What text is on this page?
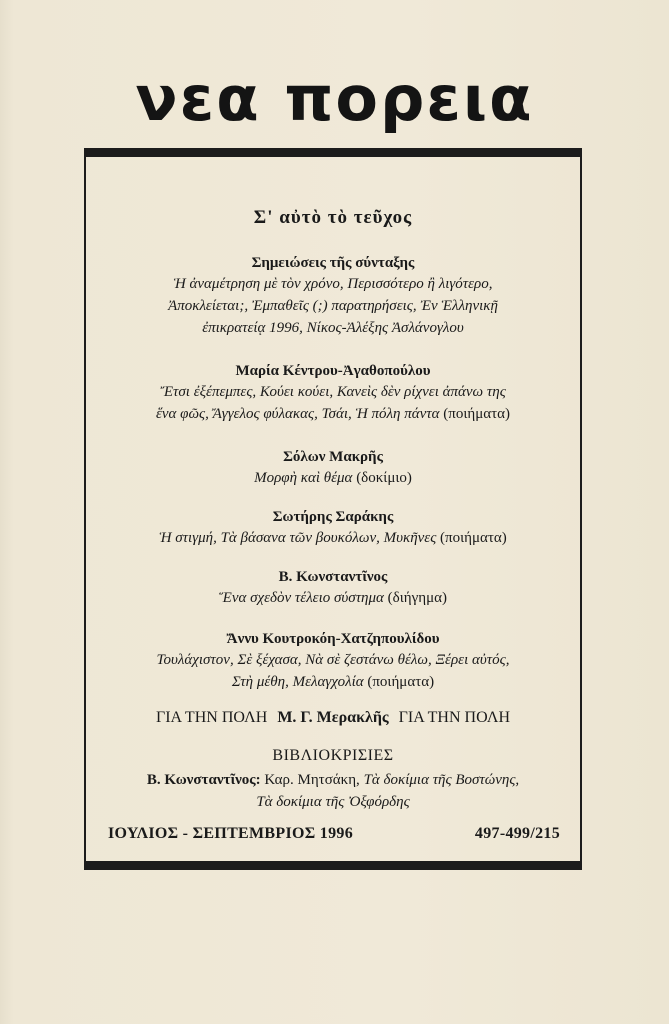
νεα πορεια
Σ' αὐτὸ τὸ τεῦχος
Σημειώσεις τῆς σύνταξης
Ἡ ἀναμέτρηση μὲ τὸν χρόνο, Περισσότερο ἢ λιγότερο,
Ἀποκλείεται;, Ἐμπαθεῖς (;) παρατηρήσεις, Ἐν Ἑλληνικῇ
ἐπικρατείᾳ 1996, Νίκος-Ἀλέξης Ἀσλάνογλου
Μαρία Κέντρου-Ἀγαθοπούλου
Ἔτσι ἐξέπεμπες, Κούει κούει, Κανεὶς δὲν ρίχνει ἀπάνω της
ἕνα φῶς, Ἄγγελος φύλακας, Τσάι, Ἡ πόλη πάντα (ποιήματα)
Σόλων Μακρῆς
Μορφὴ καὶ θέμα (δοκίμιο)
Σωτήρης Σαράκης
Ἡ στιγμή, Τὰ βάσανα τῶν βουκόλων, Μυκῆνες (ποιήματα)
Β. Κωνσταντῖνος
Ἕνα σχεδὸν τέλειο σύστημα (διήγημα)
Ἄννυ Κουτροκόη-Χατζηπουλίδου
Τουλάχιστον, Σὲ ξέχασα, Νὰ σὲ ζεστάνω θέλω, Ξέρει αὐτός,
Στὴ μέθη, Μελαγχολία (ποιήματα)
ΓΙΑ ΤΗΝ ΠΟΛΗ Μ. Γ. Μερακλῆς ΓΙΑ ΤΗΝ ΠΟΛΗ
ΒΙΒΛΙΟΚΡΙΣΙΕΣ
Β. Κωνσταντῖνος: Καρ. Μητσάκη, Τὰ δοκίμια τῆς Βοστώνης,
Τὰ δοκίμια τῆς Ὀξφόρδης
ΙΟΥΛΙΟΣ - ΣΕΠΤΕΜΒΡΙΟΣ 1996	497-499/215
